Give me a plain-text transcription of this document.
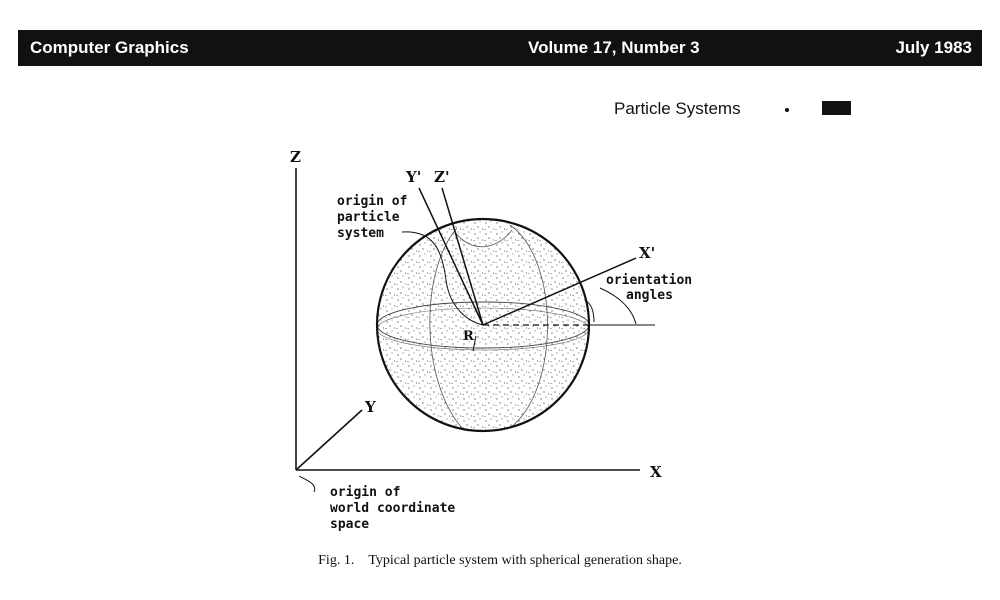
Computer Graphics	Volume 17, Number 3	July 1983
Particle Systems
Z
Y
X
Y' Z'
X'
R
origin of
particle
system
orientation
angles
origin of
world coordinate
space
Fig. 1. Typical particle system with spherical generation shape.
